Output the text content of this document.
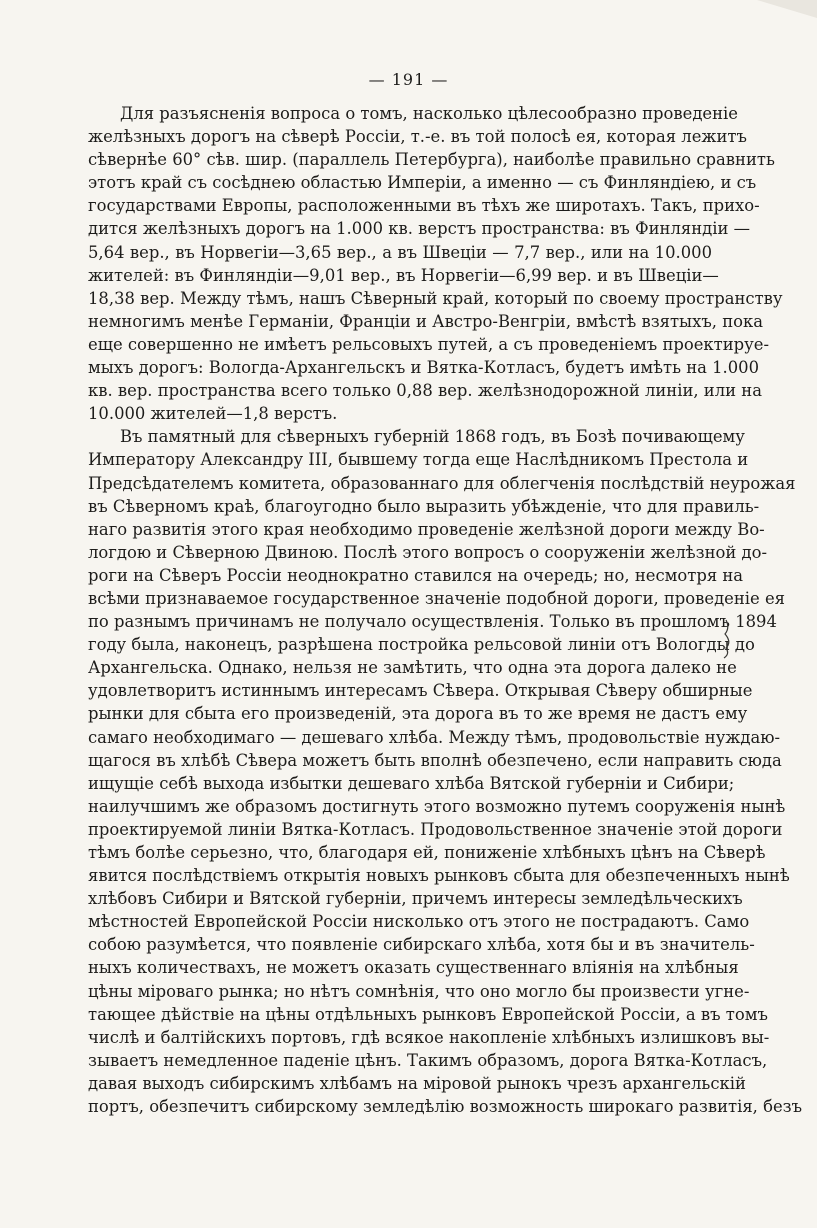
— 191 —
Для разъясненія вопроса о томъ, насколько цѣлесообразно проведеніе
желѣзныхъ дорогъ на сѣверѣ Россіи, т.-е. въ той полосѣ ея, которая лежитъ
сѣвернѣе 60° сѣв. шир. (параллель Петербурга), наиболѣе правильно сравнить
этотъ край съ сосѣднею областью Имперіи, а именно — съ Финляндіею, и съ
государствами Европы, расположенными въ тѣхъ же широтахъ. Такъ, прихо-
дится желѣзныхъ дорогъ на 1.000 кв. верстъ пространства: въ Финляндіи —
5,64 вер., въ Норвегіи—3,65 вер., а въ Швеціи — 7,7 вер., или на 10.000
жителей: въ Финляндіи—9,01 вер., въ Норвегіи—6,99 вер. и въ Швеціи—
18,38 вер. Между тѣмъ, нашъ Сѣверный край, который по своему пространству
немногимъ менѣе Германіи, Франціи и Австро-Венгріи, вмѣстѣ взятыхъ, пока
еще совершенно не имѣетъ рельсовыхъ путей, а съ проведеніемъ проектируе-
мыхъ дорогъ: Вологда-Архангельскъ и Вятка-Котласъ, будетъ имѣть на 1.000
кв. вер. пространства всего только 0,88 вер. желѣзнодорожной линіи, или на
10.000 жителей—1,8 верстъ.
Въ памятный для сѣверныхъ губерній 1868 годъ, въ Бозѣ почивающему
Императору Александру III, бывшему тогда еще Наслѣдникомъ Престола и
Предсѣдателемъ комитета, образованнаго для облегченія послѣдствій неурожая
въ Сѣверномъ краѣ, благоугодно было выразить убѣжденіе, что для правиль-
наго развитія этого края необходимо проведеніе желѣзной дороги между Во-
логдою и Сѣверною Двиною. Послѣ этого вопросъ о сооруженіи желѣзной до-
роги на Сѣверъ Россіи неоднократно ставился на очередь; но, несмотря на
всѣми признаваемое государственное значеніе подобной дороги, проведеніе ея
по разнымъ причинамъ не получало осуществленія. Только въ прошломъ 1894
году была, наконецъ, разрѣшена постройка рельсовой линіи отъ Вологды до
Архангельска. Однако, нельзя не замѣтить, что одна эта дорога далеко не
удовлетворитъ истиннымъ интересамъ Сѣвера. Открывая Сѣверу обширные
рынки для сбыта его произведеній, эта дорога въ то же время не дастъ ему
самаго необходимаго — дешеваго хлѣба. Между тѣмъ, продовольствіе нуждаю-
щагося въ хлѣбѣ Сѣвера можетъ быть вполнѣ обезпечено, если направить сюда
ищущіе себѣ выхода избытки дешеваго хлѣба Вятской губерніи и Сибири;
наилучшимъ же образомъ достигнуть этого возможно путемъ сооруженія нынѣ
проектируемой линіи Вятка-Котласъ. Продовольственное значеніе этой дороги
тѣмъ болѣе серьезно, что, благодаря ей, пониженіе хлѣбныхъ цѣнъ на Сѣверѣ
явится послѣдствіемъ открытія новыхъ рынковъ сбыта для обезпеченныхъ нынѣ
хлѣбовъ Сибири и Вятской губерніи, причемъ интересы земледѣльческихъ
мѣстностей Европейской Россіи нисколько отъ этого не пострадаютъ. Само
собою разумѣется, что появленіе сибирскаго хлѣба, хотя бы и въ значитель-
ныхъ количествахъ, не можетъ оказать существеннаго вліянія на хлѣбныя
цѣны міроваго рынка; но нѣтъ сомнѣнія, что оно могло бы произвести угне-
тающее дѣйствіе на цѣны отдѣльныхъ рынковъ Европейской Россіи, а въ томъ
числѣ и балтійскихъ портовъ, гдѣ всякое накопленіе хлѣбныхъ излишковъ вы-
зываетъ немедленное паденіе цѣнъ. Такимъ образомъ, дорога Вятка-Котласъ,
давая выходъ сибирскимъ хлѣбамъ на міровой рынокъ чрезъ архангельскій
портъ, обезпечитъ сибирскому земледѣлію возможность широкаго развитія, безъ
